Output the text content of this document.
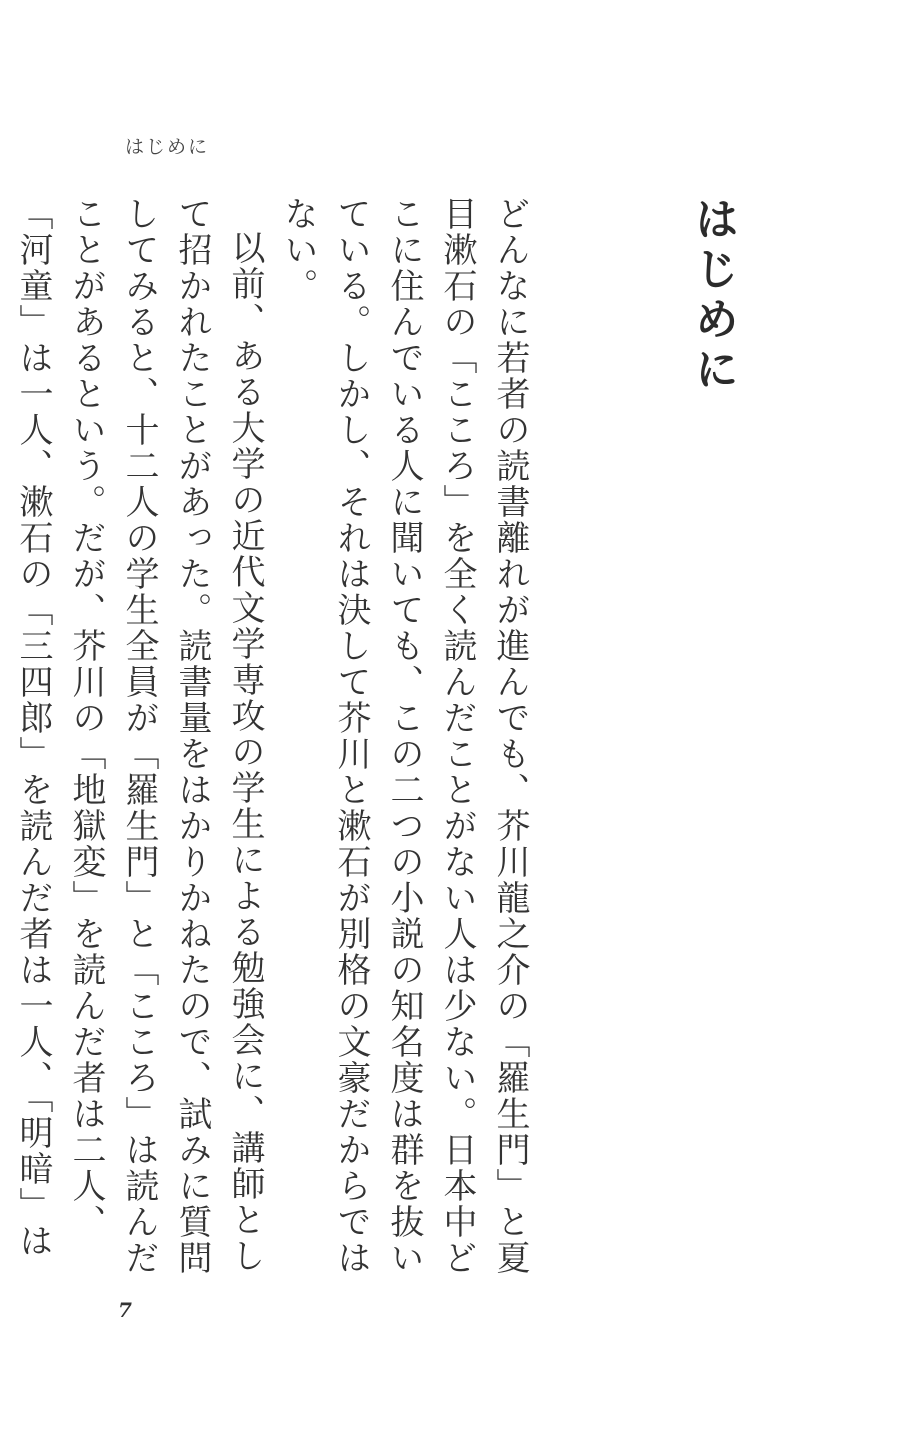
はじめに
はじめに

どんなに若者の読書離れが進んでも、芥川龍之介の「羅生門」と夏目漱石の「こころ」を全く読んだことがない人は少ない。日本中どこに住んでいる人に聞いても、この二つの小説の知名度は群を抜いている。しかし、それは決して芥川と漱石が別格の文豪だからではない。

以前、ある大学の近代文学専攻の学生による勉強会に、講師として招かれたことがあった。読書量をはかりかねたので、試みに質問してみると、十二人の学生全員が「羅生門」と「こころ」は読んだことがあるという。だが、芥川の「地獄変」を読んだ者は二人、「河童」は一人、漱石の「三四郎」を読んだ者は一人、「明暗」は

7
